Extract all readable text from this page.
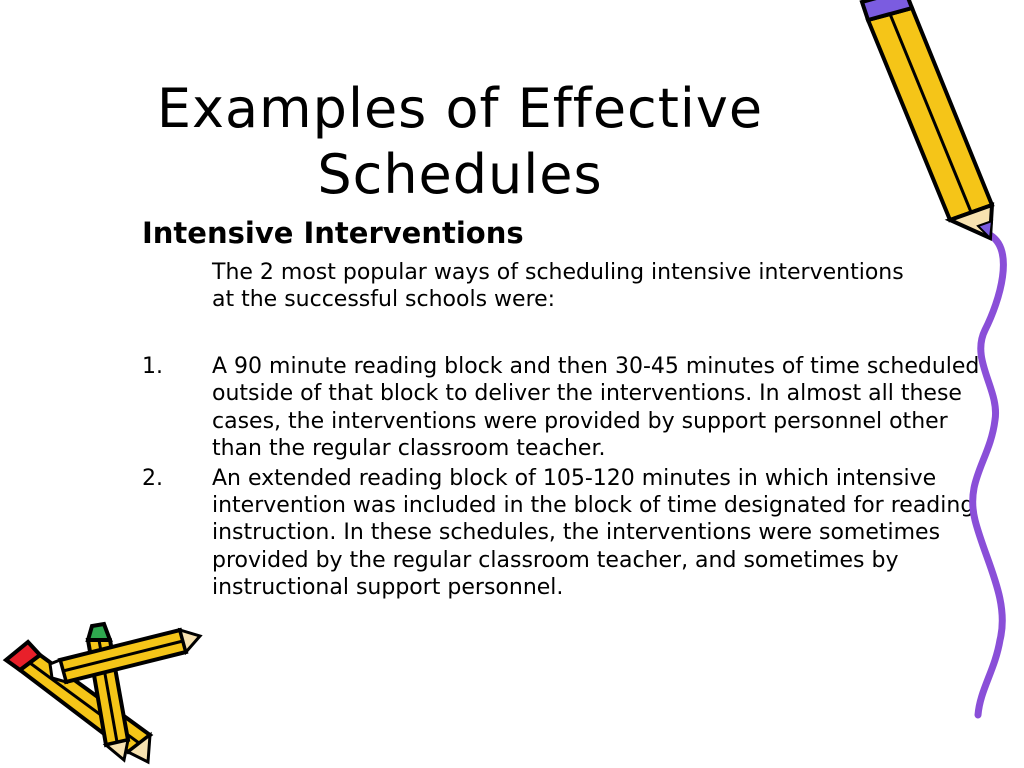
Examples of Effective
Schedules
Intensive Interventions
The 2 most popular ways of scheduling intensive interventions at the successful schools were:
1. A 90 minute reading block and then 30-45 minutes of time scheduled outside of that block to deliver the interventions. In almost all these cases, the interventions were provided by support personnel other than the regular classroom teacher.
2. An extended reading block of 105-120 minutes in which intensive intervention was included in the block of time designated for reading instruction. In these schedules, the interventions were sometimes provided by the regular classroom teacher, and sometimes by instructional support personnel.
